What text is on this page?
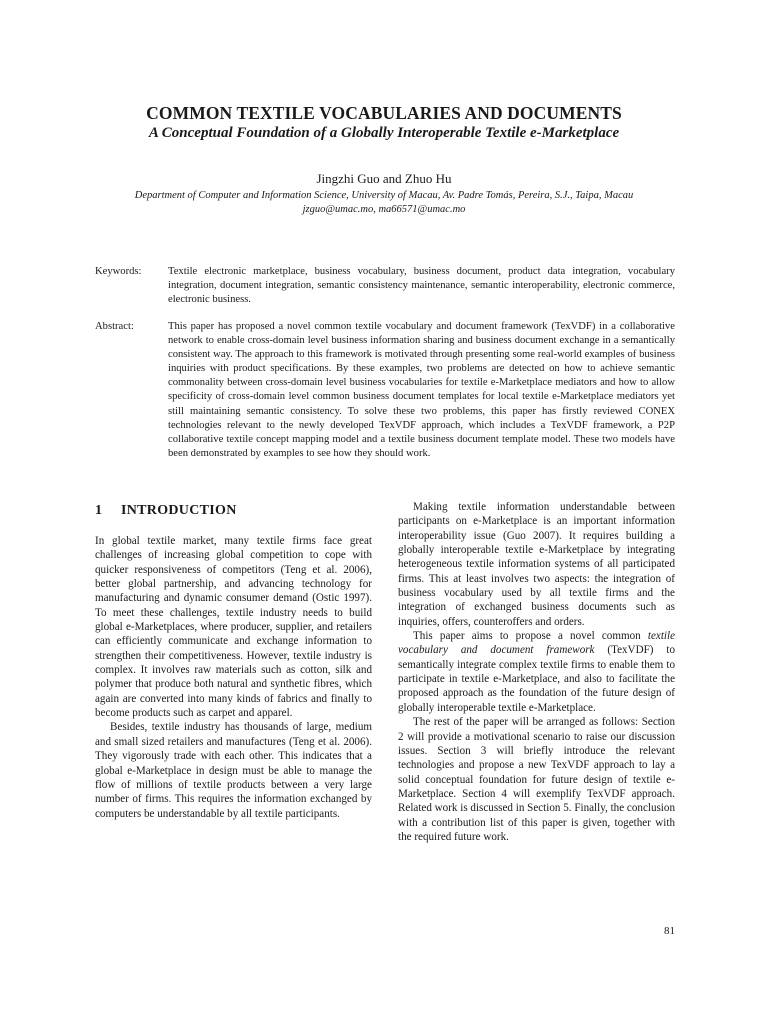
COMMON TEXTILE VOCABULARIES AND DOCUMENTS
A Conceptual Foundation of a Globally Interoperable Textile e-Marketplace
Jingzhi Guo and Zhuo Hu
Department of Computer and Information Science, University of Macau, Av. Padre Tomás, Pereira, S.J., Taipa, Macau
jzguo@umac.mo, ma66571@umac.mo
Keywords:	Textile electronic marketplace, business vocabulary, business document, product data integration, vocabulary integration, document integration, semantic consistency maintenance, semantic interoperability, electronic commerce, electronic business.
Abstract:	This paper has proposed a novel common textile vocabulary and document framework (TexVDF) in a collaborative network to enable cross-domain level business information sharing and business document exchange in a semantically consistent way. The approach to this framework is motivated through presenting some real-world examples of business inquiries with product specifications. By these examples, two problems are detected on how to achieve semantic commonality between cross-domain level business vocabularies for textile e-Marketplace mediators and how to allow specificity of cross-domain level common business document templates for local textile e-Marketplace mediators yet still maintaining semantic consistency. To solve these two problems, this paper has firstly reviewed CONEX technologies relevant to the newly developed TexVDF approach, which includes a TexVDF framework, a P2P collaborative textile concept mapping model and a textile business document template model. These two models have been demonstrated by examples to see how they should work.
1 INTRODUCTION

In global textile market, many textile firms face great challenges of increasing global competition to cope with quicker responsiveness of competitors (Teng et al. 2006), better global partnership, and advancing technology for manufacturing and dynamic consumer demand (Ostic 1997). To meet these challenges, textile industry needs to build global e-Marketplaces, where producer, supplier, and retailers can efficiently communicate and exchange information to strengthen their competitiveness. However, textile industry is complex. It involves raw materials such as cotton, silk and polymer that produce both natural and synthetic fibres, which again are converted into many kinds of fabrics and finally to become products such as carpet and apparel.

Besides, textile industry has thousands of large, medium and small sized retailers and manufactures (Teng et al. 2006). They vigorously trade with each other. This indicates that a global e-Marketplace in design must be able to manage the flow of millions of textile products between a very large number of firms. This requires the information exchanged by computers be understandable by all textile participants.

Making textile information understandable between participants on e-Marketplace is an important information interoperability issue (Guo 2007). It requires building a globally interoperable textile e-Marketplace by integrating heterogeneous textile information systems of all participated firms. This at least involves two aspects: the integration of business vocabulary used by all textile firms and the integration of exchanged business documents such as inquiries, offers, counteroffers and orders.

This paper aims to propose a novel common textile vocabulary and document framework (TexVDF) to semantically integrate complex textile firms to enable them to participate in textile e-Marketplace, and also to facilitate the proposed approach as the foundation of the future design of globally interoperable textile e-Marketplace.

The rest of the paper will be arranged as follows: Section 2 will provide a motivational scenario to raise our discussion issues. Section 3 will briefly introduce the relevant technologies and propose a new TexVDF approach to lay a solid conceptual foundation for future design of textile e-Marketplace. Section 4 will exemplify TexVDF approach. Related work is discussed in Section 5. Finally, the conclusion with a contribution list of this paper is given, together with the required future work.

81
